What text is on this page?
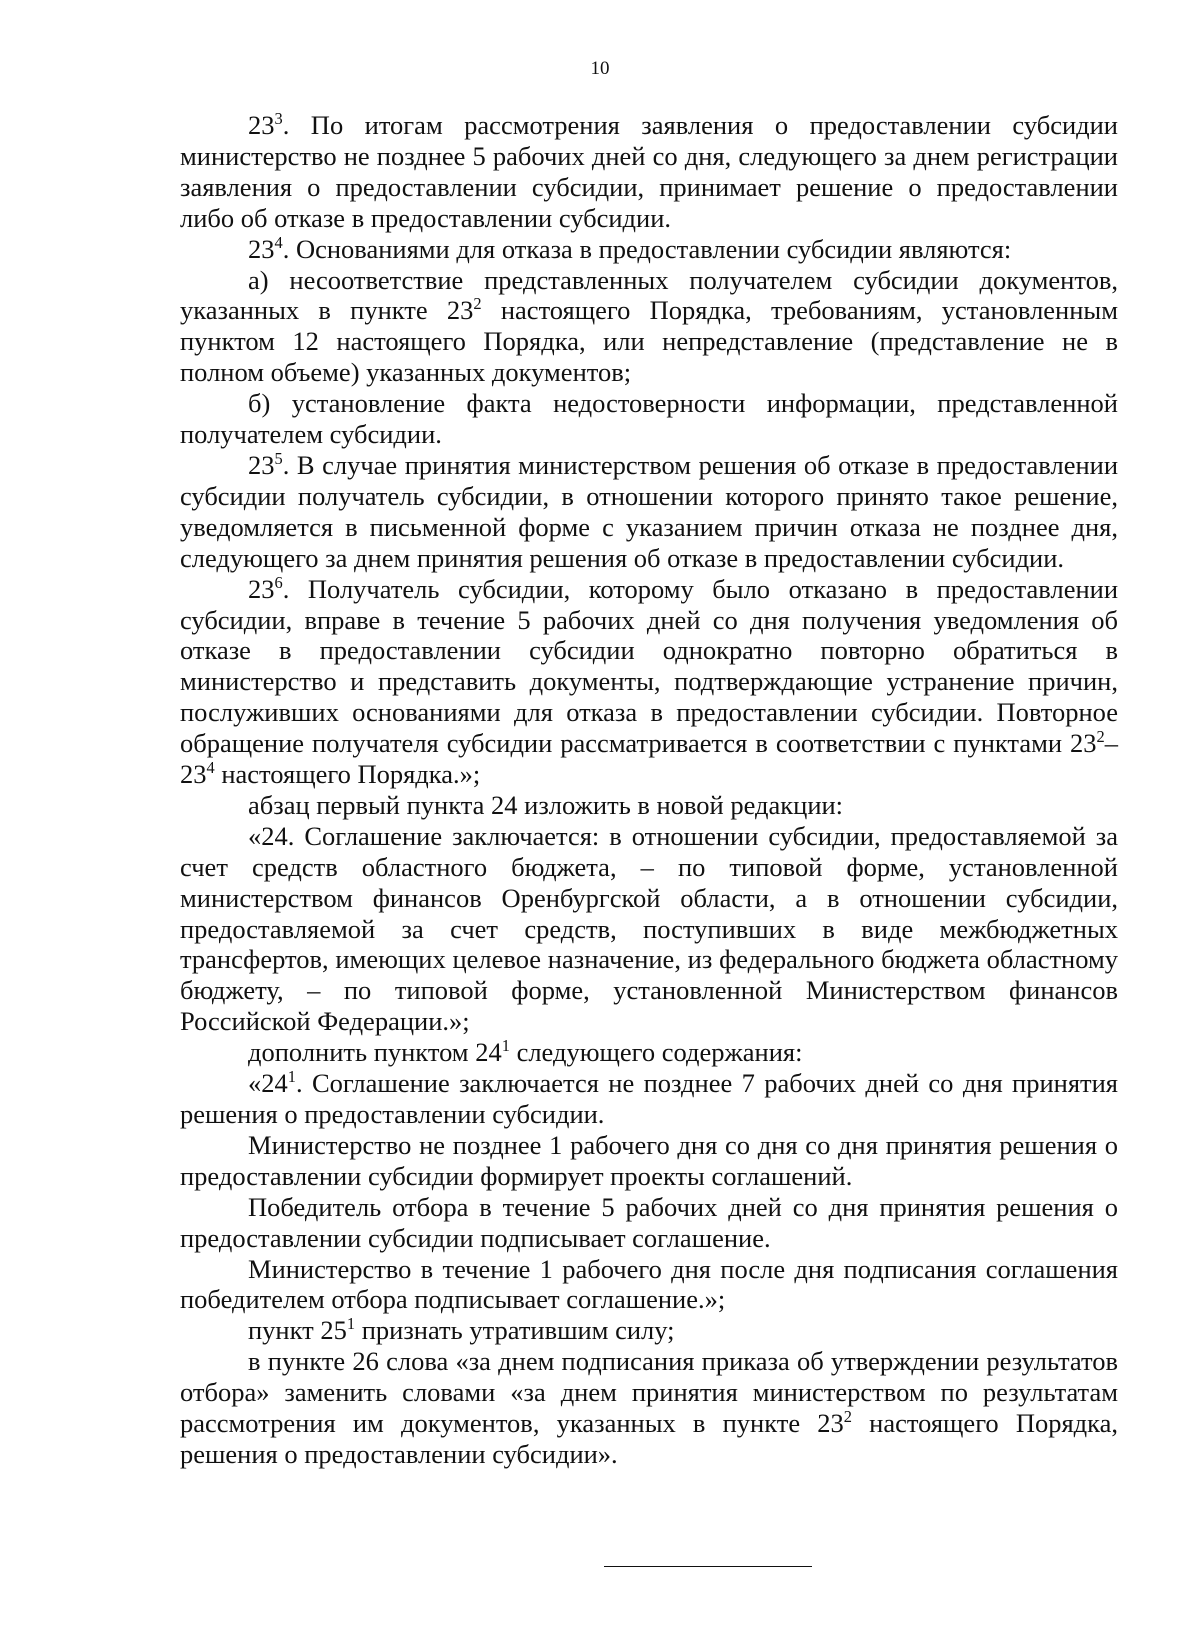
10

$23^3$. По итогам рассмотрения заявления о предоставлении субсидии министерство не позднее 5 рабочих дней со дня, следующего за днем регистрации заявления о предоставлении субсидии, принимает решение о предоставлении либо об отказе в предоставлении субсидии.

$23^4$. Основаниями для отказа в предоставлении субсидии являются:

а) несоответствие представленных получателем субсидии документов, указанных в пункте $23^2$ настоящего Порядка, требованиям, установленным пунктом 12 настоящего Порядка, или непредставление (представление не в полном объеме) указанных документов;

б) установление факта недостоверности информации, представленной получателем субсидии.

$23^5$. В случае принятия министерством решения об отказе в предоставлении субсидии получатель субсидии, в отношении которого принято такое решение, уведомляется в письменной форме с указанием причин отказа не позднее дня, следующего за днем принятия решения об отказе в предоставлении субсидии.

$23^6$. Получатель субсидии, которому было отказано в предоставлении субсидии, вправе в течение 5 рабочих дней со дня получения уведомления об отказе в предоставлении субсидии однократно повторно обратиться в министерство и представить документы, подтверждающие устранение причин, послуживших основаниями для отказа в предоставлении субсидии. Повторное обращение получателя субсидии рассматривается в соответствии с пунктами $23^2-23^4$ настоящего Порядка.»;

абзац первый пункта 24 изложить в новой редакции:

«24. Соглашение заключается: в отношении субсидии, предоставляемой за счет средств областного бюджета, – по типовой форме, установленной министерством финансов Оренбургской области, а в отношении субсидии, предоставляемой за счет средств, поступивших в виде межбюджетных трансфертов, имеющих целевое назначение, из федерального бюджета областному бюджету, – по типовой форме, установленной Министерством финансов Российской Федерации.»;

дополнить пунктом $24^1$ следующего содержания:

«$24^1$. Соглашение заключается не позднее 7 рабочих дней со дня принятия решения о предоставлении субсидии.

Министерство не позднее 1 рабочего дня со дня со дня принятия решения о предоставлении субсидии формирует проекты соглашений.

Победитель отбора в течение 5 рабочих дней со дня принятия решения о предоставлении субсидии подписывает соглашение.

Министерство в течение 1 рабочего дня после дня подписания соглашения победителем отбора подписывает соглашение.»;

пункт $25^1$ признать утратившим силу;

в пункте 26 слова «за днем подписания приказа об утверждении результатов отбора» заменить словами «за днем принятия министерством по результатам рассмотрения им документов, указанных в пункте $23^2$ настоящего Порядка, решения о предоставлении субсидии».
